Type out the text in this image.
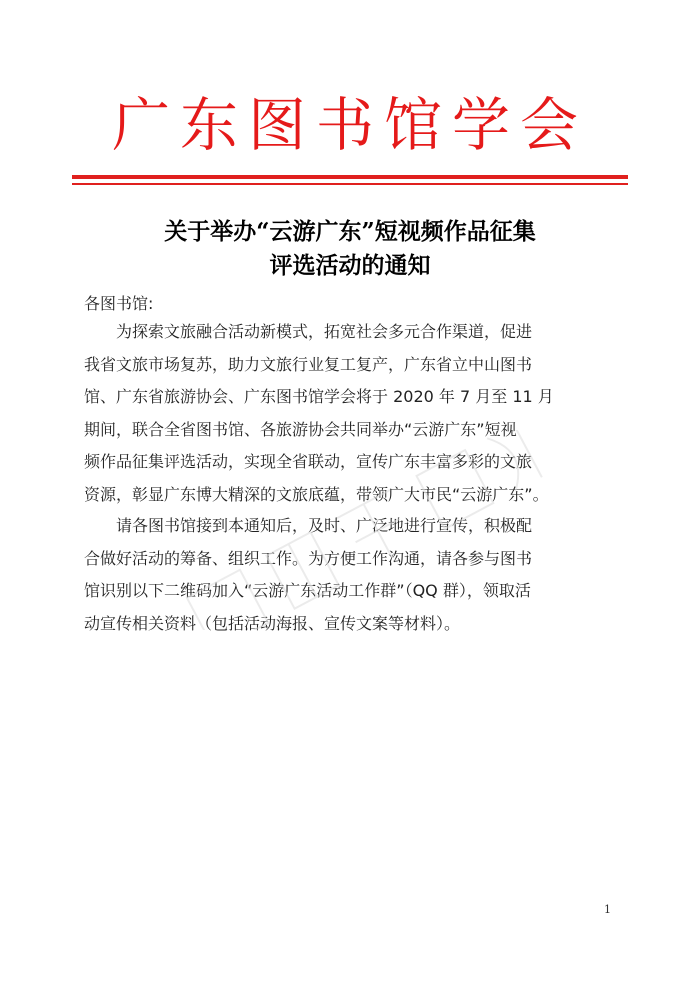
广东图书馆学会
关于举办“云游广东”短视频作品征集
评选活动的通知
各图书馆:
为探索文旅融合活动新模式，拓宽社会多元合作渠道，促进
我省文旅市场复苏，助力文旅行业复工复产，广东省立中山图书
馆、广东省旅游协会、广东图书馆学会将于 2020 年 7 月至 11 月
期间，联合全省图书馆、各旅游协会共同举办“云游广东”短视
频作品征集评选活动，实现全省联动，宣传广东丰富多彩的文旅
资源，彰显广东博大精深的文旅底蕴，带领广大市民“云游广东”。
请各图书馆接到本通知后，及时、广泛地进行宣传，积极配
合做好活动的筹备、组织工作。为方便工作沟通，请各参与图书
馆识别以下二维码加入“云游广东活动工作群”（QQ 群），领取活
动宣传相关资料（包括活动海报、宣传文案等材料）。
1
